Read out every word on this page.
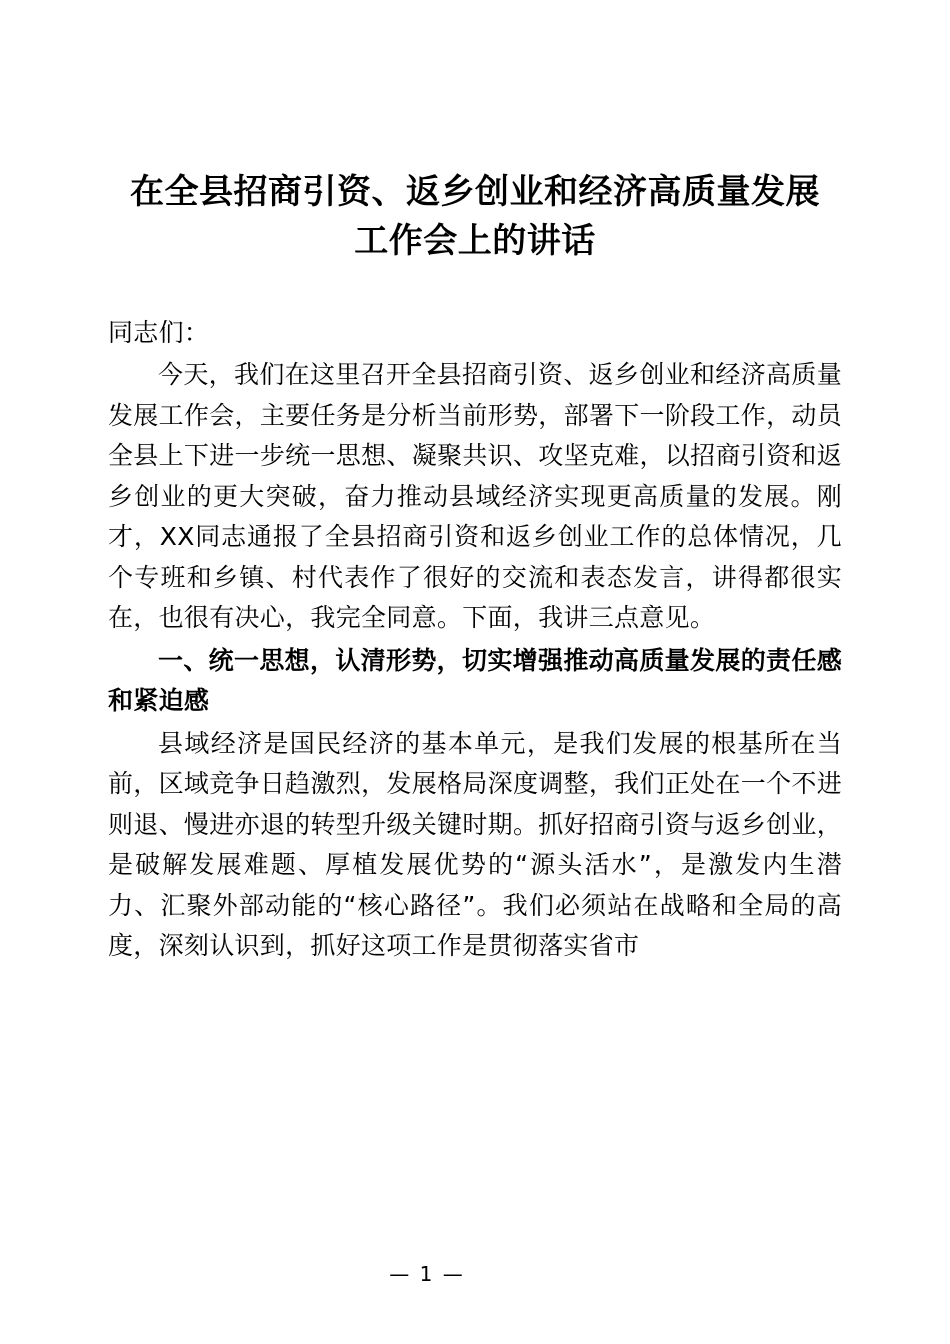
在全县招商引资、返乡创业和经济高质量发展工作会上的讲话

同志们：

今天，我们在这里召开全县招商引资、返乡创业和经济高质量发展工作会，主要任务是分析当前形势，部署下一阶段工作，动员全县上下进一步统一思想、凝聚共识、攻坚克难，以招商引资和返乡创业的更大突破，奋力推动县域经济实现更高质量的发展。刚才，XX同志通报了全县招商引资和返乡创业工作的总体情况，几个专班和乡镇、村代表作了很好的交流和表态发言，讲得都很实在，也很有决心，我完全同意。下面，我讲三点意见。

一、统一思想，认清形势，切实增强推动高质量发展的责任感和紧迫感

县域经济是国民经济的基本单元，是我们发展的根基所在当前，区域竞争日趋激烈，发展格局深度调整，我们正处在一个不进则退、慢进亦退的转型升级关键时期。抓好招商引资与返乡创业，是破解发展难题、厚植发展优势的“源头活水”，是激发内生潜力、汇聚外部动能的“核心路径”。我们必须站在战略和全局的高度，深刻认识到，抓好这项工作是贯彻落实省市

— 1 —
